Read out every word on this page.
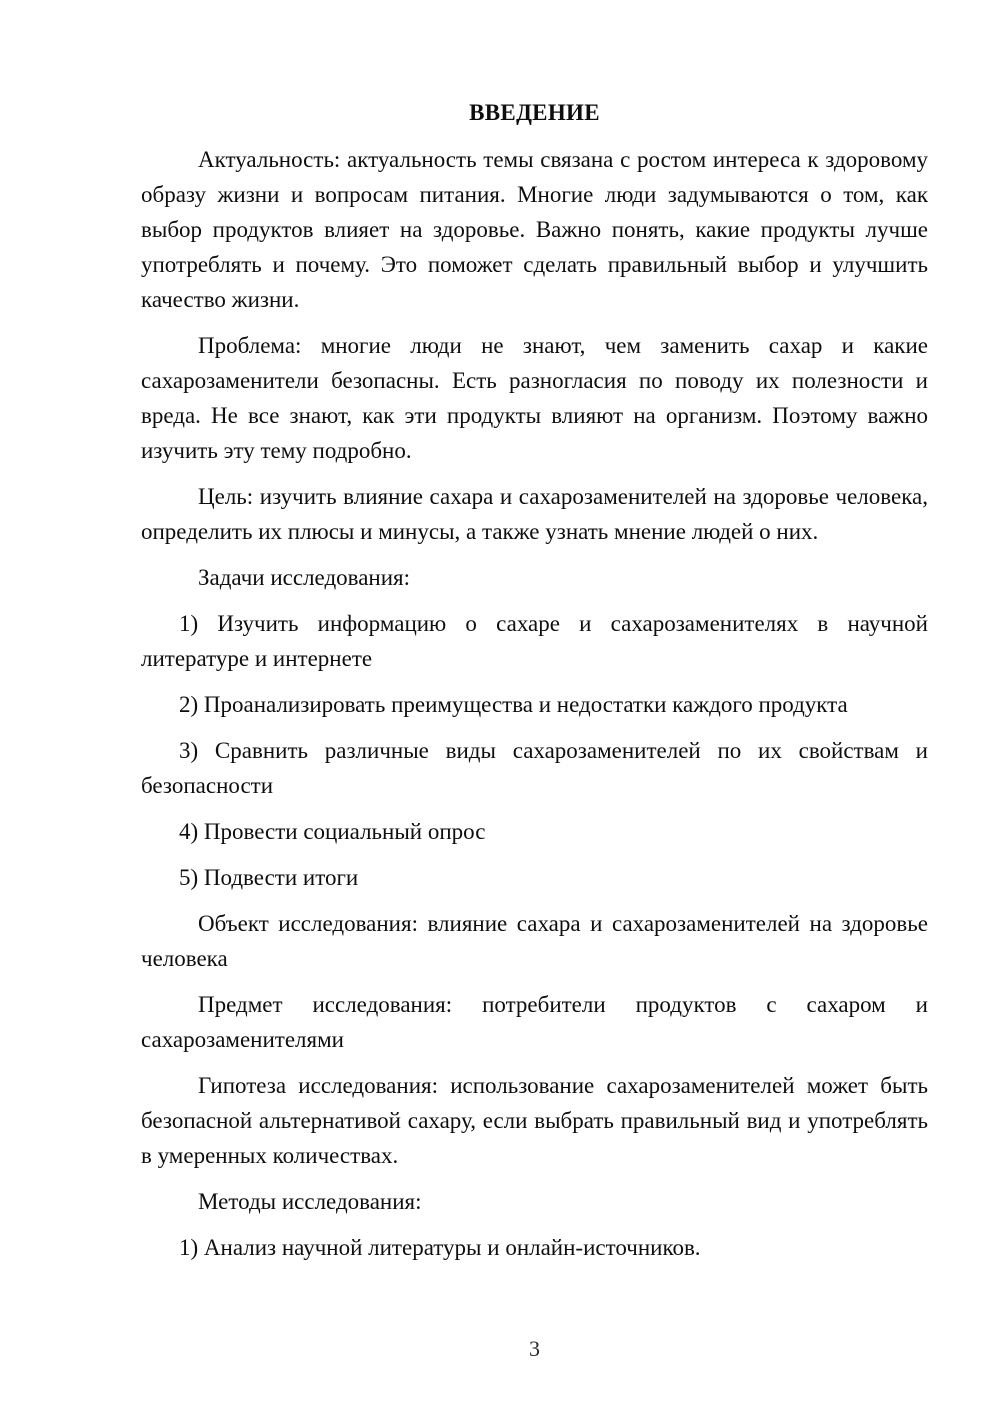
ВВЕДЕНИЕ

Актуальность: актуальность темы связана с ростом интереса к здоровому образу жизни и вопросам питания. Многие люди задумываются о том, как выбор продуктов влияет на здоровье. Важно понять, какие продукты лучше употреблять и почему. Это поможет сделать правильный выбор и улучшить качество жизни.

Проблема: многие люди не знают, чем заменить сахар и какие сахарозаменители безопасны. Есть разногласия по поводу их полезности и вреда. Не все знают, как эти продукты влияют на организм. Поэтому важно изучить эту тему подробно.

Цель: изучить влияние сахара и сахарозаменителей на здоровье человека, определить их плюсы и минусы, а также узнать мнение людей о них.

Задачи исследования:

1) Изучить информацию о сахаре и сахарозаменителях в научной литературе и интернете

2) Проанализировать преимущества и недостатки каждого продукта

3) Сравнить различные виды сахарозаменителей по их свойствам и безопасности

4) Провести социальный опрос

5) Подвести итоги

Объект исследования: влияние сахара и сахарозаменителей на здоровье человека

Предмет исследования: потребители продуктов с сахаром и сахарозаменителями

Гипотеза исследования: использование сахарозаменителей может быть безопасной альтернативой сахару, если выбрать правильный вид и употреблять в умеренных количествах.

Методы исследования:

1) Анализ научной литературы и онлайн-источников.

3
